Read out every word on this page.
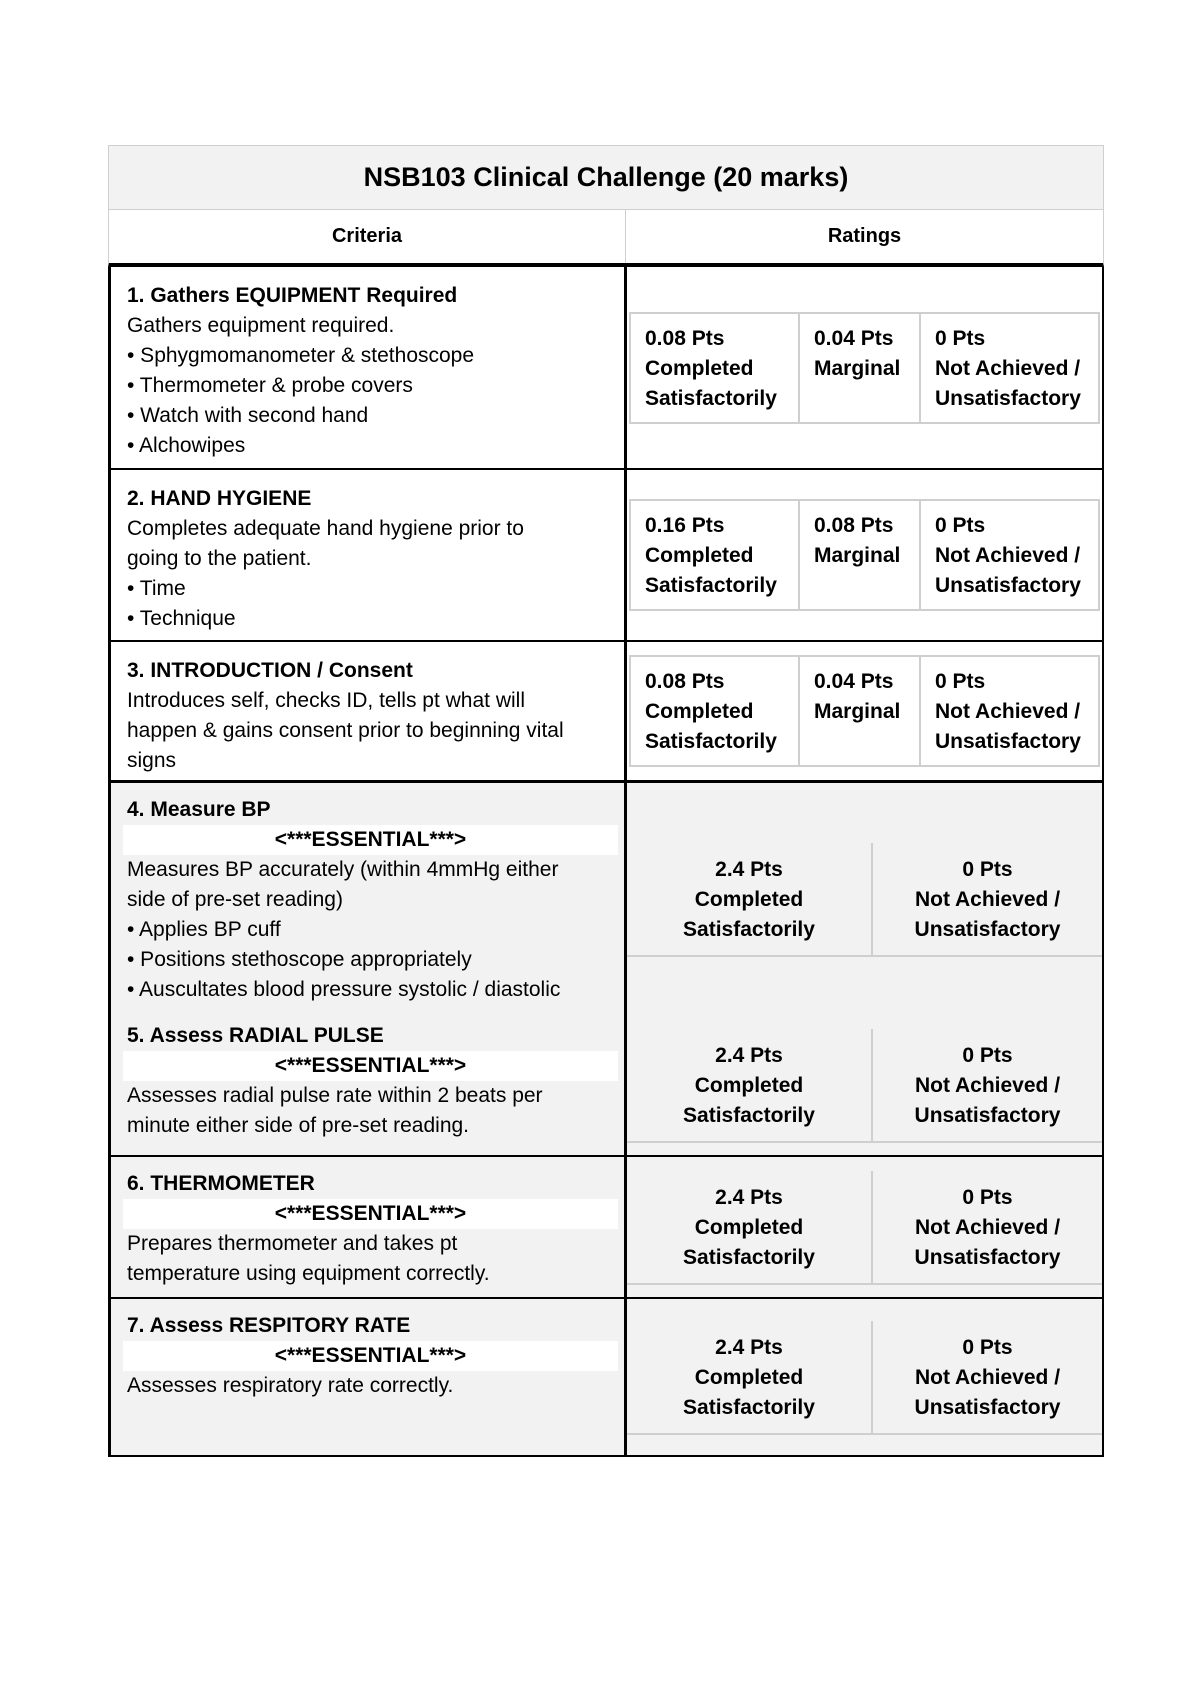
NSB103 Clinical Challenge (20 marks)
Criteria	Ratings
1. Gathers EQUIPMENT Required
Gathers equipment required.
• Sphygmomanometer & stethoscope
• Thermometer & probe covers
• Watch with second hand
• Alchowipes
0.08 Pts
Completed
Satisfactorily
0.04 Pts
Marginal
0 Pts
Not Achieved /
Unsatisfactory
2. HAND HYGIENE
Completes adequate hand hygiene prior to
going to the patient.
• Time
• Technique
0.16 Pts
Completed
Satisfactorily
0.08 Pts
Marginal
0 Pts
Not Achieved /
Unsatisfactory
3. INTRODUCTION / Consent
Introduces self, checks ID, tells pt what will
happen & gains consent prior to beginning vital
signs
0.08 Pts
Completed
Satisfactorily
0.04 Pts
Marginal
0 Pts
Not Achieved /
Unsatisfactory
4. Measure BP
<***ESSENTIAL***>
Measures BP accurately (within 4mmHg either
side of pre-set reading)
• Applies BP cuff
• Positions stethoscope appropriately
• Auscultates blood pressure systolic / diastolic
5. Assess RADIAL PULSE
<***ESSENTIAL***>
Assesses radial pulse rate within 2 beats per
minute either side of pre-set reading.
2.4 Pts
Completed
Satisfactorily
0 Pts
Not Achieved /
Unsatisfactory
2.4 Pts
Completed
Satisfactorily
0 Pts
Not Achieved /
Unsatisfactory
6. THERMOMETER
<***ESSENTIAL***>
Prepares thermometer and takes pt
temperature using equipment correctly.
2.4 Pts
Completed
Satisfactorily
0 Pts
Not Achieved /
Unsatisfactory
7. Assess RESPITORY RATE
<***ESSENTIAL***>
Assesses respiratory rate correctly.
2.4 Pts
Completed
Satisfactorily
0 Pts
Not Achieved /
Unsatisfactory
